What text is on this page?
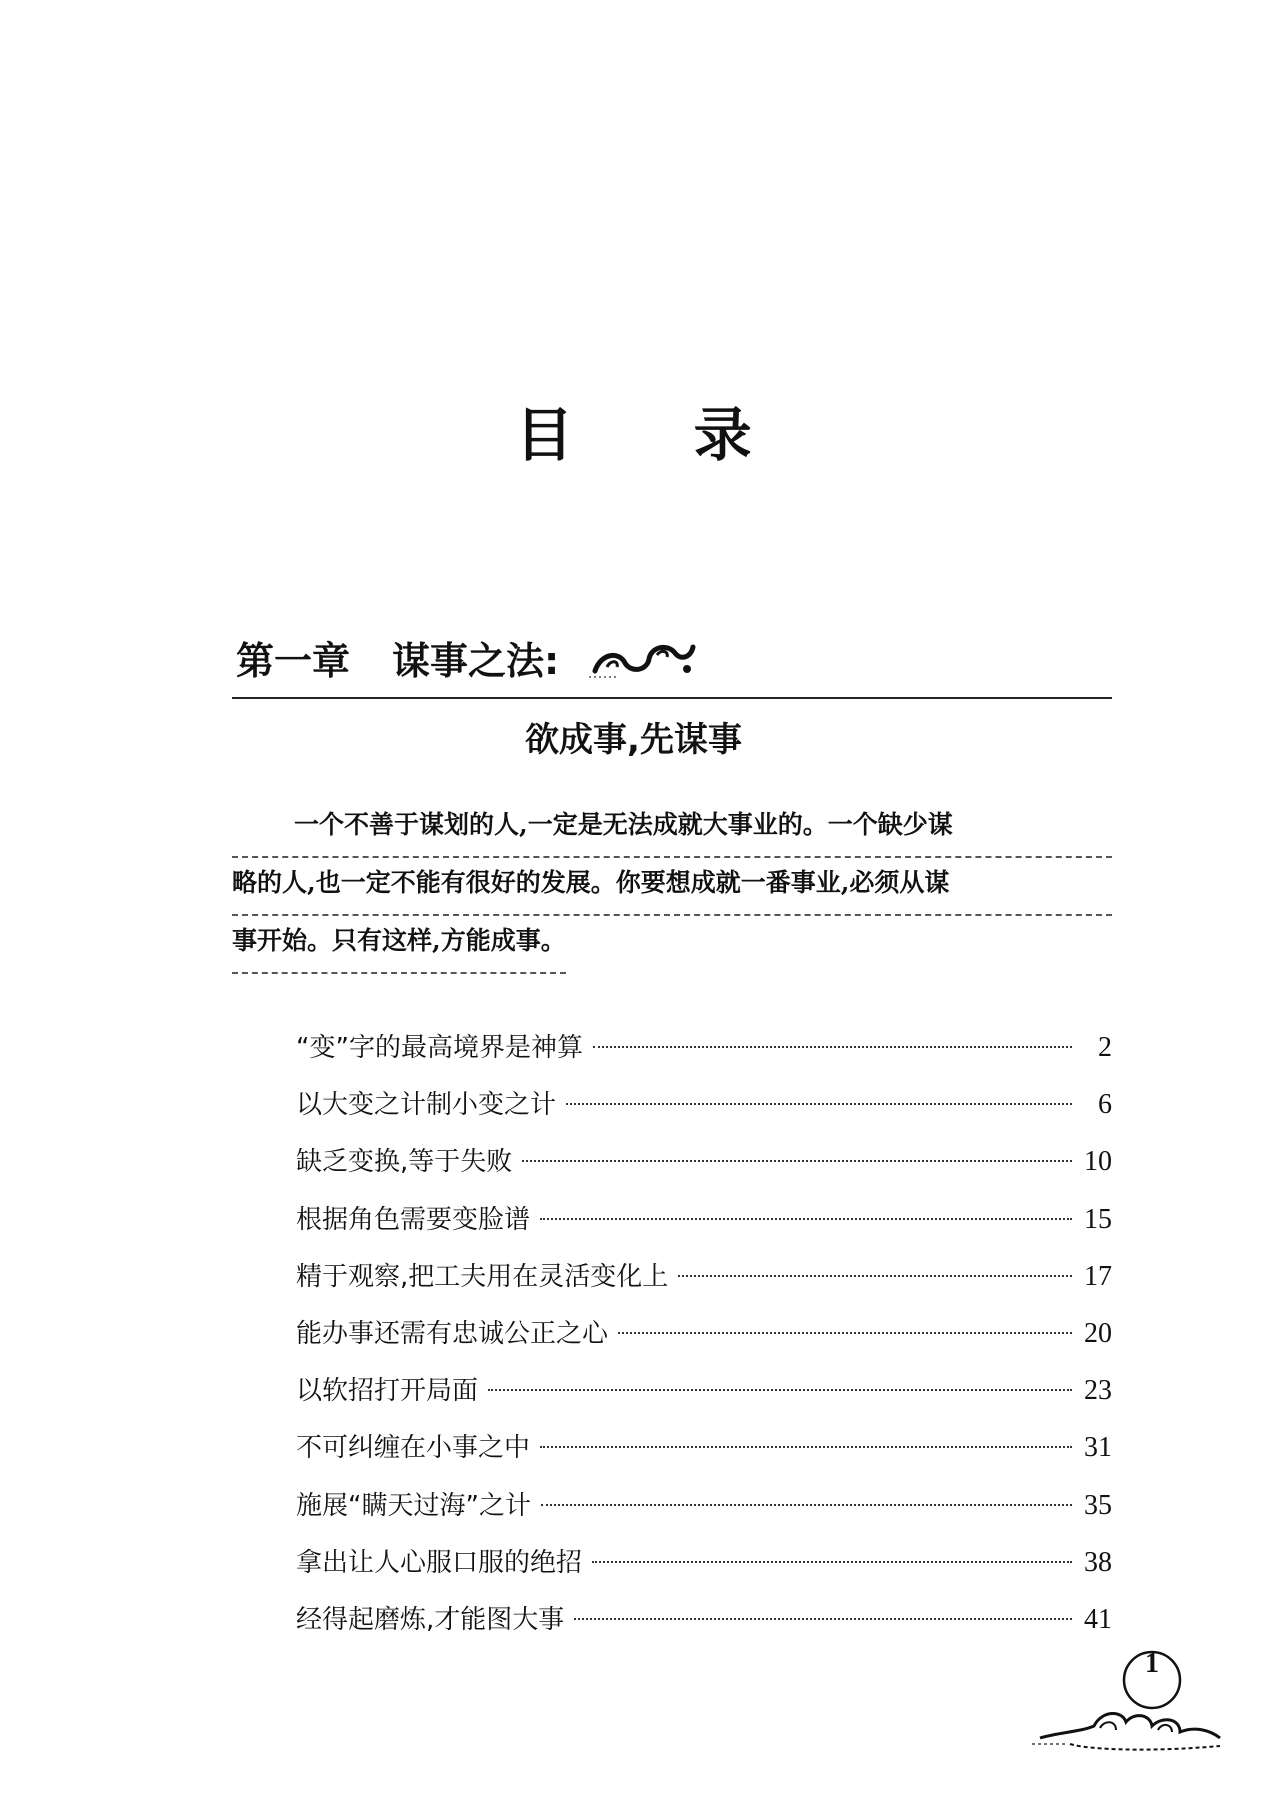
目 录
第一章 谋事之法:
欲成事,先谋事
一个不善于谋划的人,一定是无法成就大事业的。一个缺少谋
略的人,也一定不能有很好的发展。你要想成就一番事业,必须从谋
事开始。只有这样,方能成事。
“变”字的最高境界是神算	2
以大变之计制小变之计	6
缺乏变换,等于失败	10
根据角色需要变脸谱	15
精于观察,把工夫用在灵活变化上	17
能办事还需有忠诚公正之心	20
以软招打开局面	23
不可纠缠在小事之中	31
施展“瞒天过海”之计	35
拿出让人心服口服的绝招	38
经得起磨炼,才能图大事	41
1
